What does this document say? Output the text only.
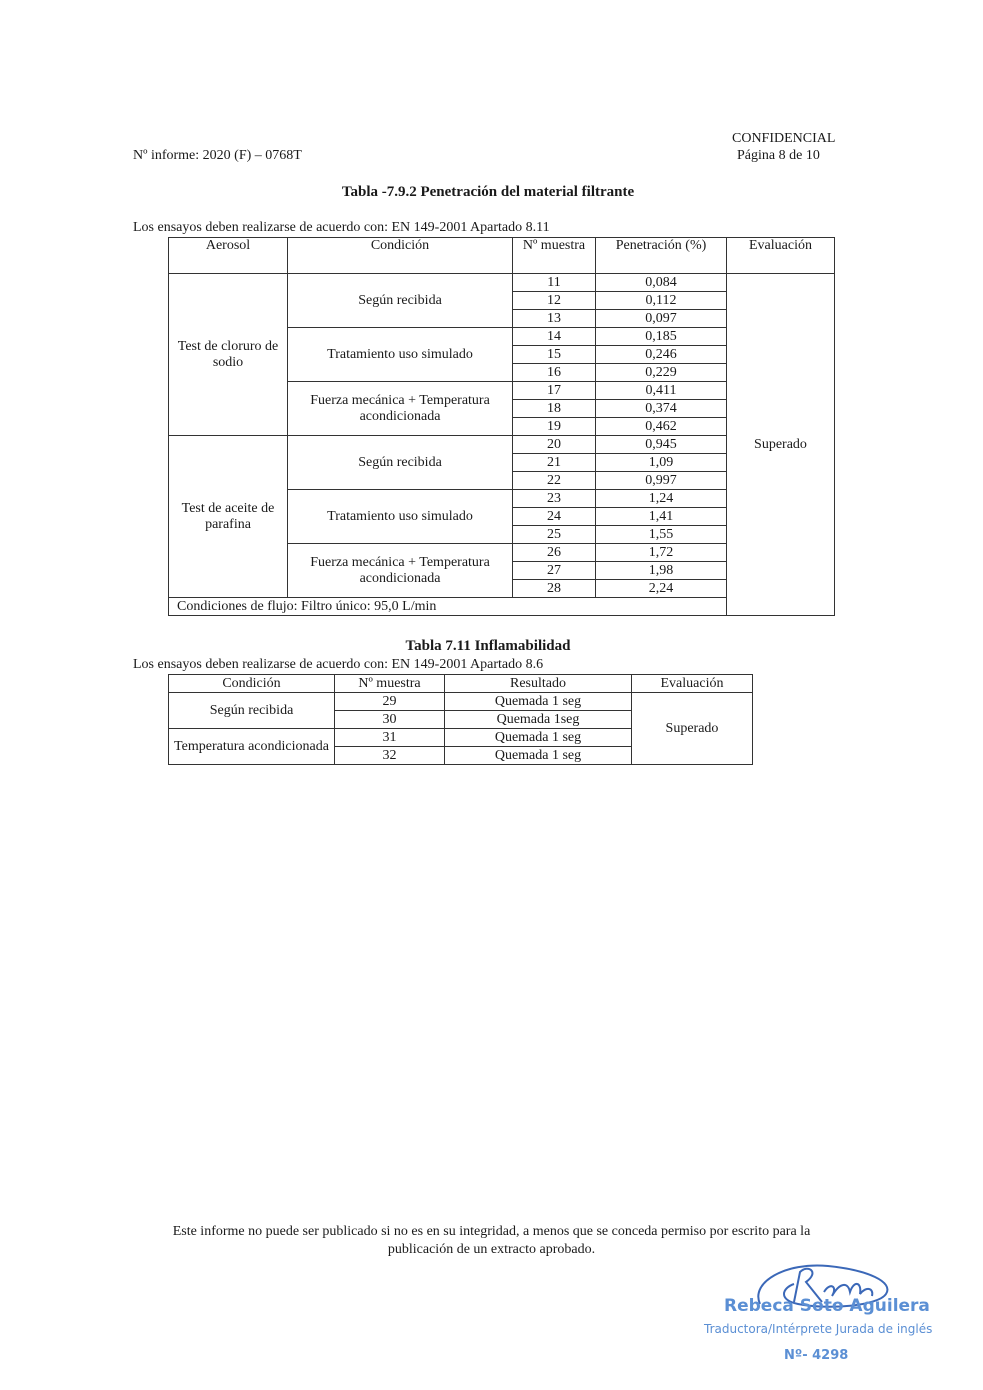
CONFIDENCIAL
Página 8 de 10
Nº informe: 2020 (F) – 0768T
Tabla -7.9.2 Penetración del material filtrante
Los ensayos deben realizarse de acuerdo con: EN 149-2001 Apartado 8.11
Aerosol	Condición	Nº muestra	Penetración (%)	Evaluación
Test de cloruro de sodio	Según recibida	11	0,084	Superado
		12	0,112	
		13	0,097	
	Tratamiento uso simulado	14	0,185	
		15	0,246	
		16	0,229	
	Fuerza mecánica + Temperatura acondicionada	17	0,411	
		18	0,374	
		19	0,462	
Test de aceite de parafina	Según recibida	20	0,945	
		21	1,09	
		22	0,997	
	Tratamiento uso simulado	23	1,24	
		24	1,41	
		25	1,55	
	Fuerza mecánica + Temperatura acondicionada	26	1,72	
		27	1,98	
		28	2,24	
Condiciones de flujo: Filtro único: 95,0 L/min				
Tabla 7.11 Inflamabilidad
Los ensayos deben realizarse de acuerdo con: EN 149-2001 Apartado 8.6
Condición	Nº muestra	Resultado	Evaluación
Según recibida	29	Quemada 1 seg	Superado
	30	Quemada 1seg	
Temperatura acondicionada	31	Quemada 1 seg	
	32	Quemada 1 seg	
Este informe no puede ser publicado si no es en su integridad, a menos que se conceda permiso por escrito para la
publicación de un extracto aprobado.
Rebeca Soto Aguilera
Traductora/Intérprete Jurada de inglés
Nº- 4298
